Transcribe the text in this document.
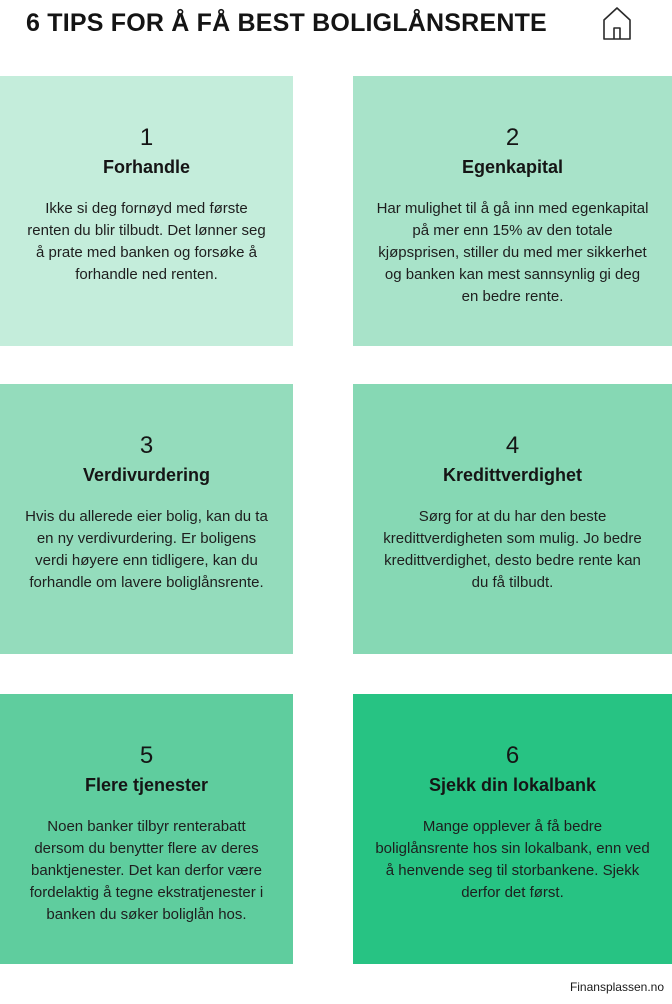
6 TIPS FOR Å FÅ BEST BOLIGLÅNSRENTE
1
Forhandle
Ikke si deg fornøyd med første renten du blir tilbudt. Det lønner seg å prate med banken og forsøke å forhandle ned renten.
2
Egenkapital
Har mulighet til å gå inn med egenkapital på mer enn 15% av den totale kjøpsprisen, stiller du med mer sikkerhet og banken kan mest sannsynlig gi deg en bedre rente.
3
Verdivurdering
Hvis du allerede eier bolig, kan du ta en ny verdivurdering. Er boligens verdi høyere enn tidligere, kan du forhandle om lavere boliglånsrente.
4
Kredittverdighet
Sørg for at du har den beste kredittverdigheten som mulig. Jo bedre kredittverdighet, desto bedre rente kan du få tilbudt.
5
Flere tjenester
Noen banker tilbyr renterabatt dersom du benytter flere av deres banktjenester. Det kan derfor være fordelaktig å tegne ekstratjenester i banken du søker boliglån hos.
6
Sjekk din lokalbank
Mange opplever å få bedre boliglånsrente hos sin lokalbank, enn ved å henvende seg til storbankene. Sjekk derfor det først.
Finansplassen.no
